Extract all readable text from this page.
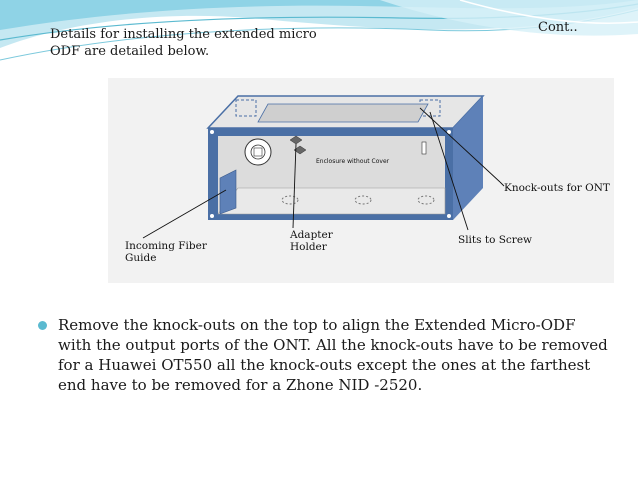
Details for installing the extended micro ODF are detailed below.
Cont..
Enclosure without Cover
Knock-outs for ONT
Incoming Fiber
Guide
Adapter
Holder
Slits to Screw
Remove the knock-outs on the top to align the Extended Micro-ODF with the output ports of the ONT. All the knock-outs have to be removed for a Huawei OT550 all the knock-outs except the ones at the farthest end have to be removed for a Zhone NID -2520.
